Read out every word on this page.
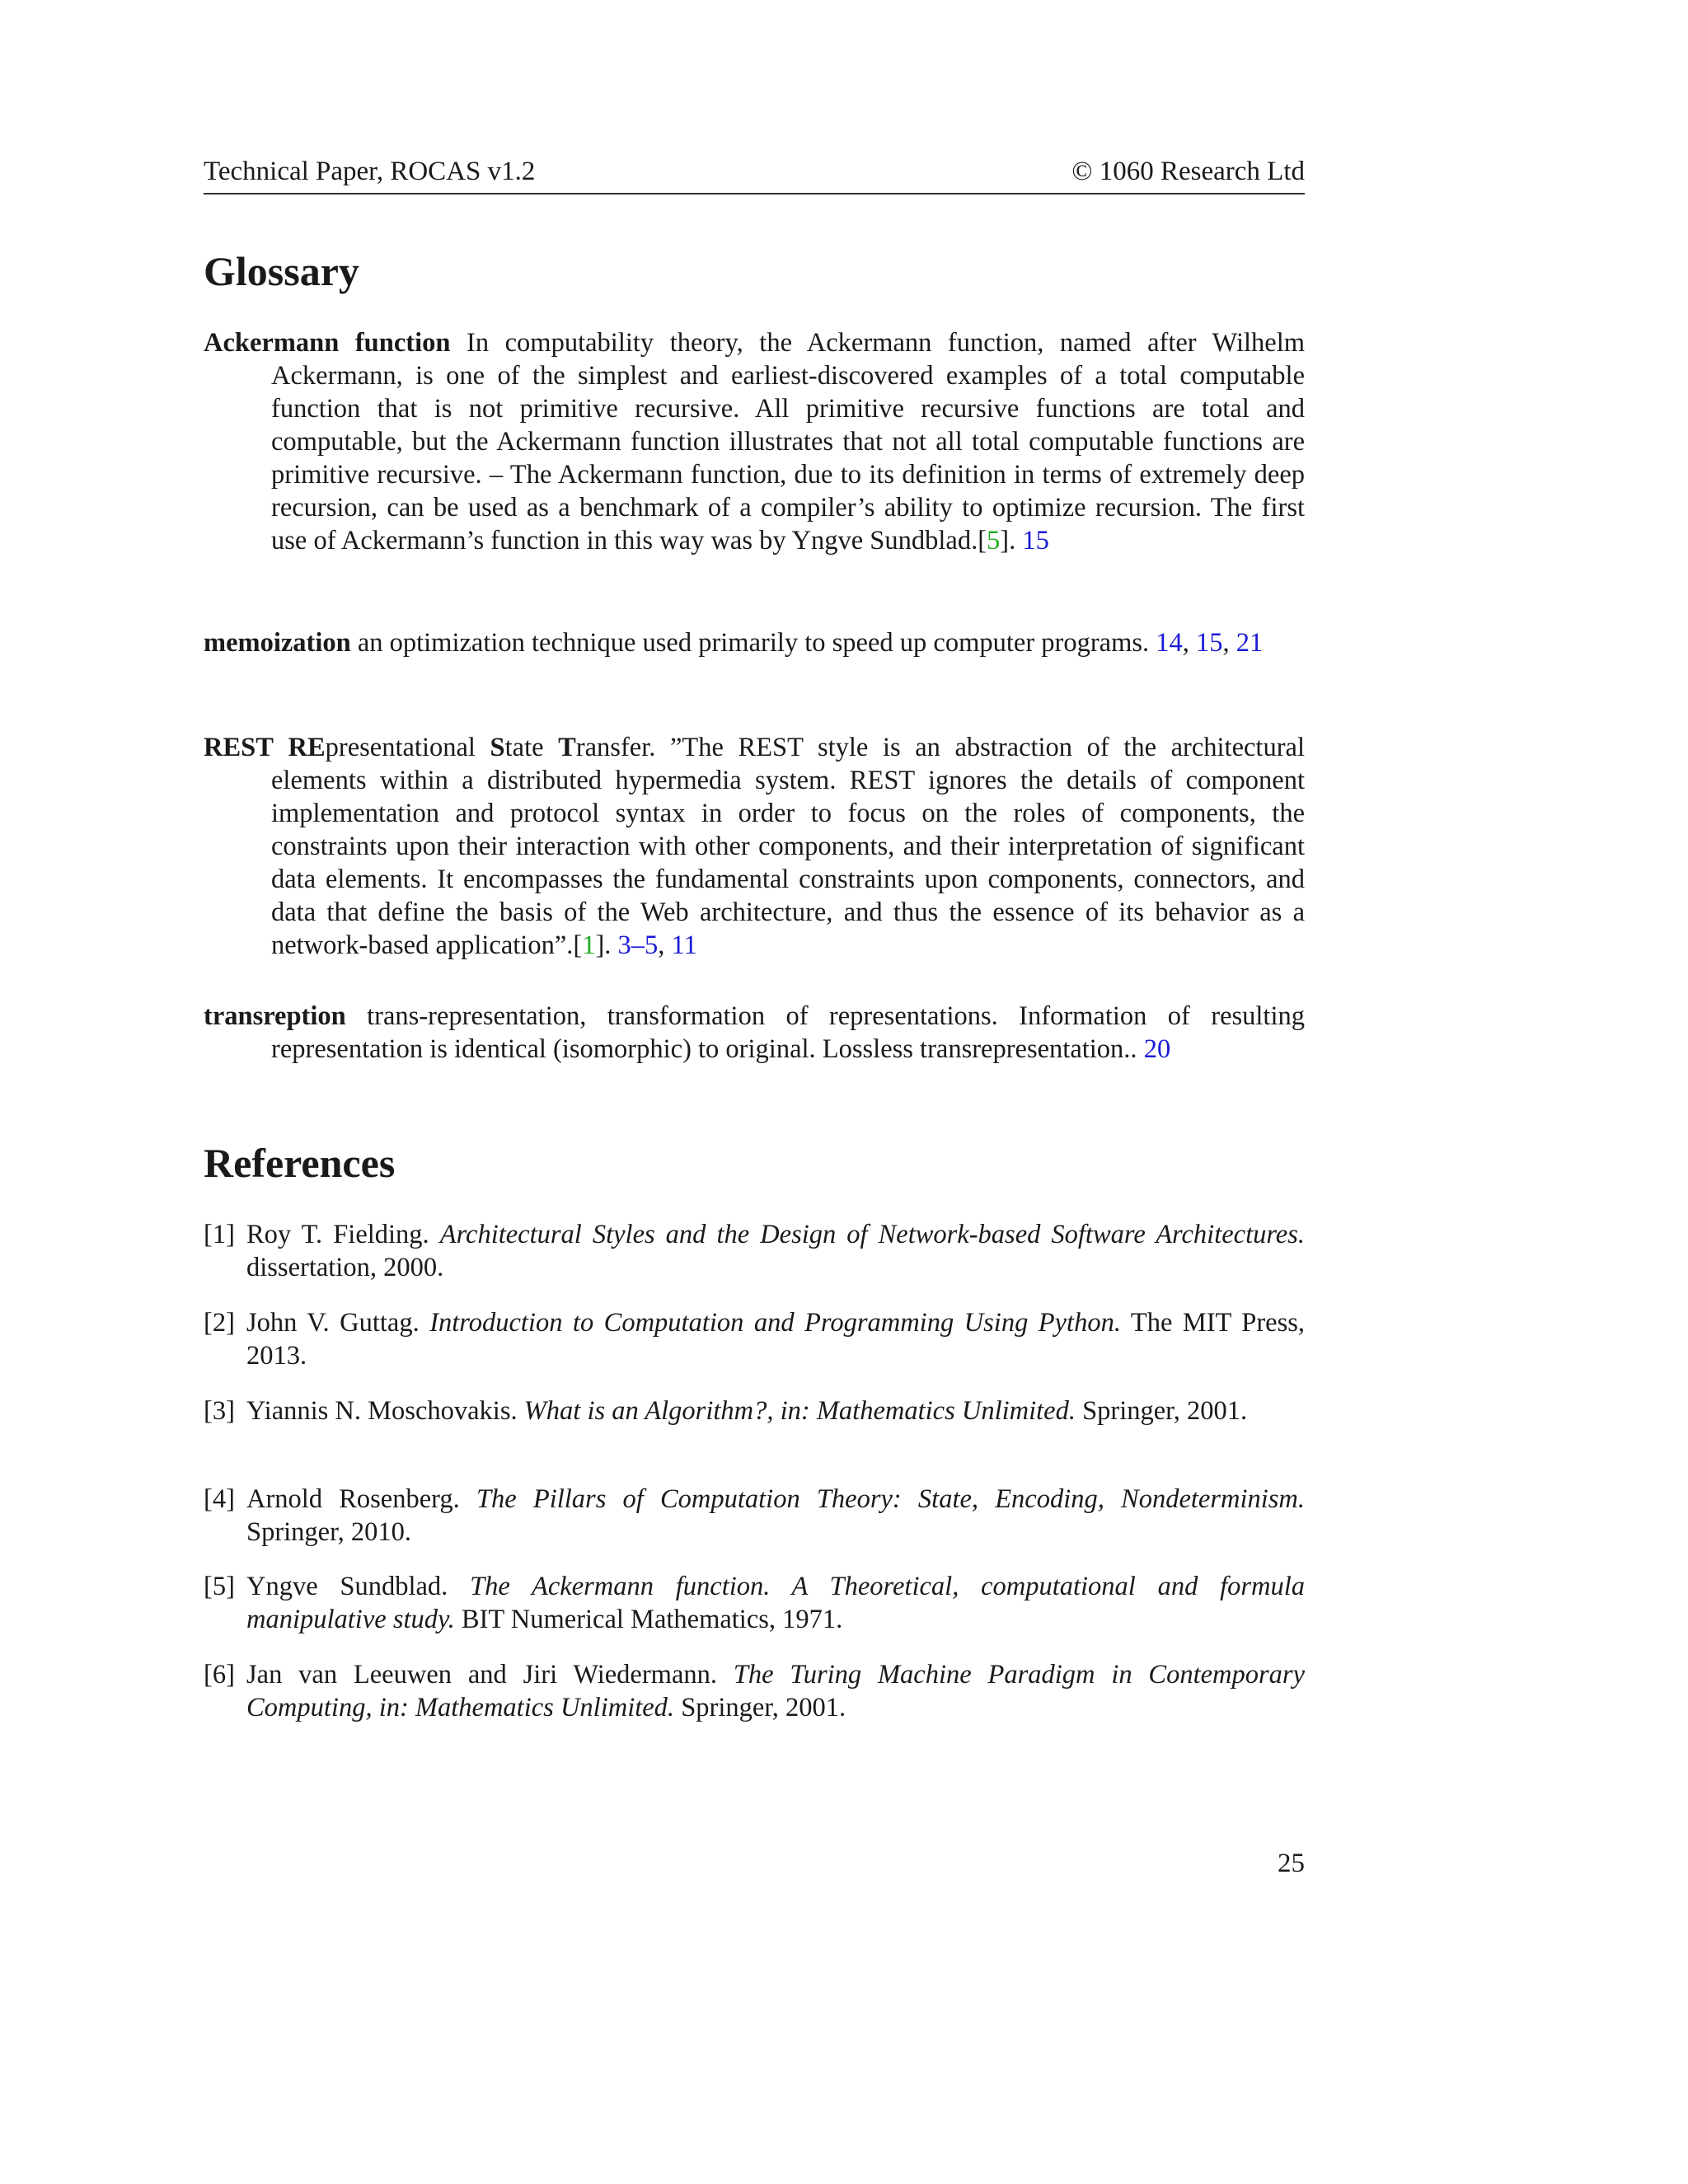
Technical Paper, ROCAS v1.2	© 1060 Research Ltd
Glossary
Ackermann function In computability theory, the Ackermann function, named after Wilhelm Ackermann, is one of the simplest and earliest-discovered examples of a total computable function that is not primitive recursive. All primitive recursive functions are total and computable, but the Ackermann function illustrates that not all total computable functions are primitive recursive. – The Ackermann function, due to its definition in terms of extremely deep recursion, can be used as a benchmark of a compiler’s ability to optimize recursion. The first use of Ackermann’s function in this way was by Yngve Sundblad.[5]. 15
memoization an optimization technique used primarily to speed up computer programs. 14, 15, 21
REST REpresentational State Transfer. ”The REST style is an abstraction of the architectural elements within a distributed hypermedia system. REST ignores the details of component implementation and protocol syntax in order to focus on the roles of components, the constraints upon their interaction with other components, and their interpretation of significant data elements. It encompasses the fundamental constraints upon components, connectors, and data that define the basis of the Web architecture, and thus the essence of its behavior as a network-based application”.[1]. 3–5, 11
transreption trans-representation, transformation of representations. Information of resulting representation is identical (isomorphic) to original. Lossless transrepresentation.. 20
References
[1] Roy T. Fielding. Architectural Styles and the Design of Network-based Software Architectures. dissertation, 2000.
[2] John V. Guttag. Introduction to Computation and Programming Using Python. The MIT Press, 2013.
[3] Yiannis N. Moschovakis. What is an Algorithm?, in: Mathematics Unlimited. Springer, 2001.
[4] Arnold Rosenberg. The Pillars of Computation Theory: State, Encoding, Nondeterminism. Springer, 2010.
[5] Yngve Sundblad. The Ackermann function. A Theoretical, computational and formula manipulative study. BIT Numerical Mathematics, 1971.
[6] Jan van Leeuwen and Jiri Wiedermann. The Turing Machine Paradigm in Contemporary Computing, in: Mathematics Unlimited. Springer, 2001.
25
